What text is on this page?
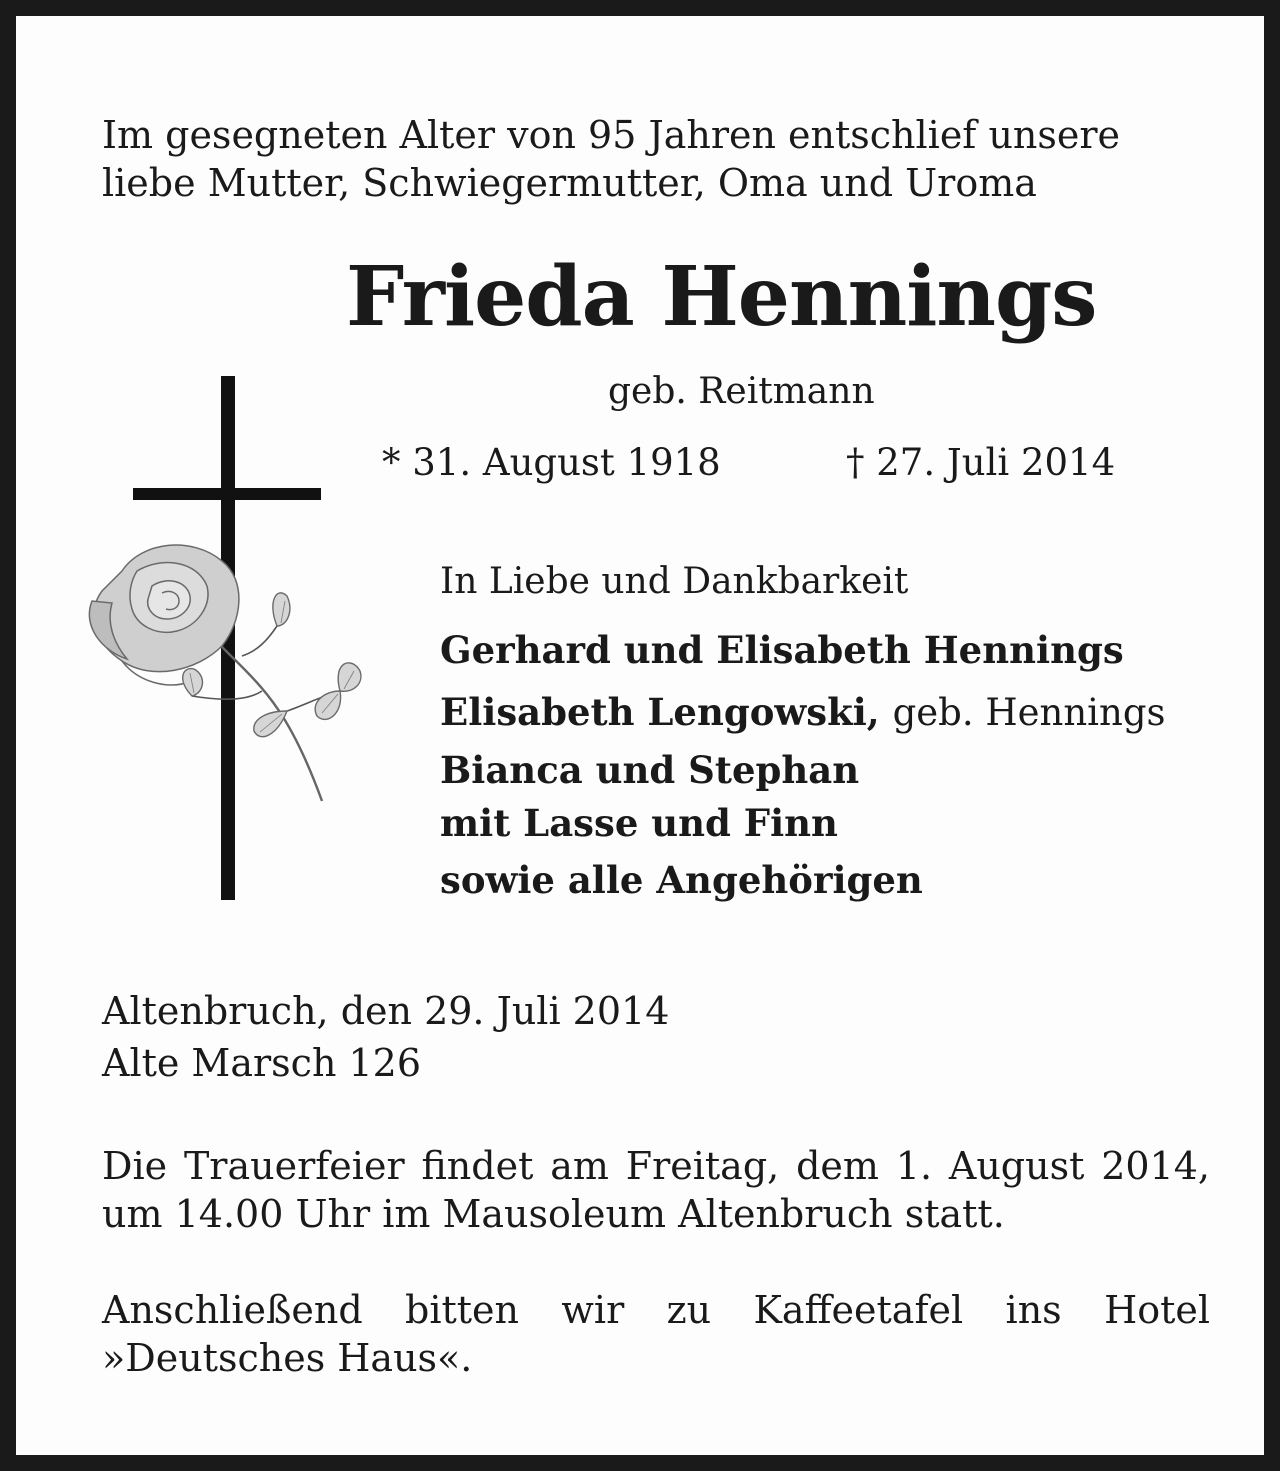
Im gesegneten Alter von 95 Jahren entschlief unsere
liebe Mutter, Schwiegermutter, Oma und Uroma
Frieda Hennings
geb. Reitmann
* 31. August 1918	† 27. Juli 2014
In Liebe und Dankbarkeit
Gerhard und Elisabeth Hennings
Elisabeth Lengowski, geb. Hennings
Bianca und Stephan
mit Lasse und Finn
sowie alle Angehörigen
Altenbruch, den 29. Juli 2014
Alte Marsch 126
Die Trauerfeier findet am Freitag, dem 1. August 2014, um 14.00 Uhr im Mausoleum Altenbruch statt.
Anschließend bitten wir zu Kaffeetafel ins Hotel »Deutsches Haus«.
